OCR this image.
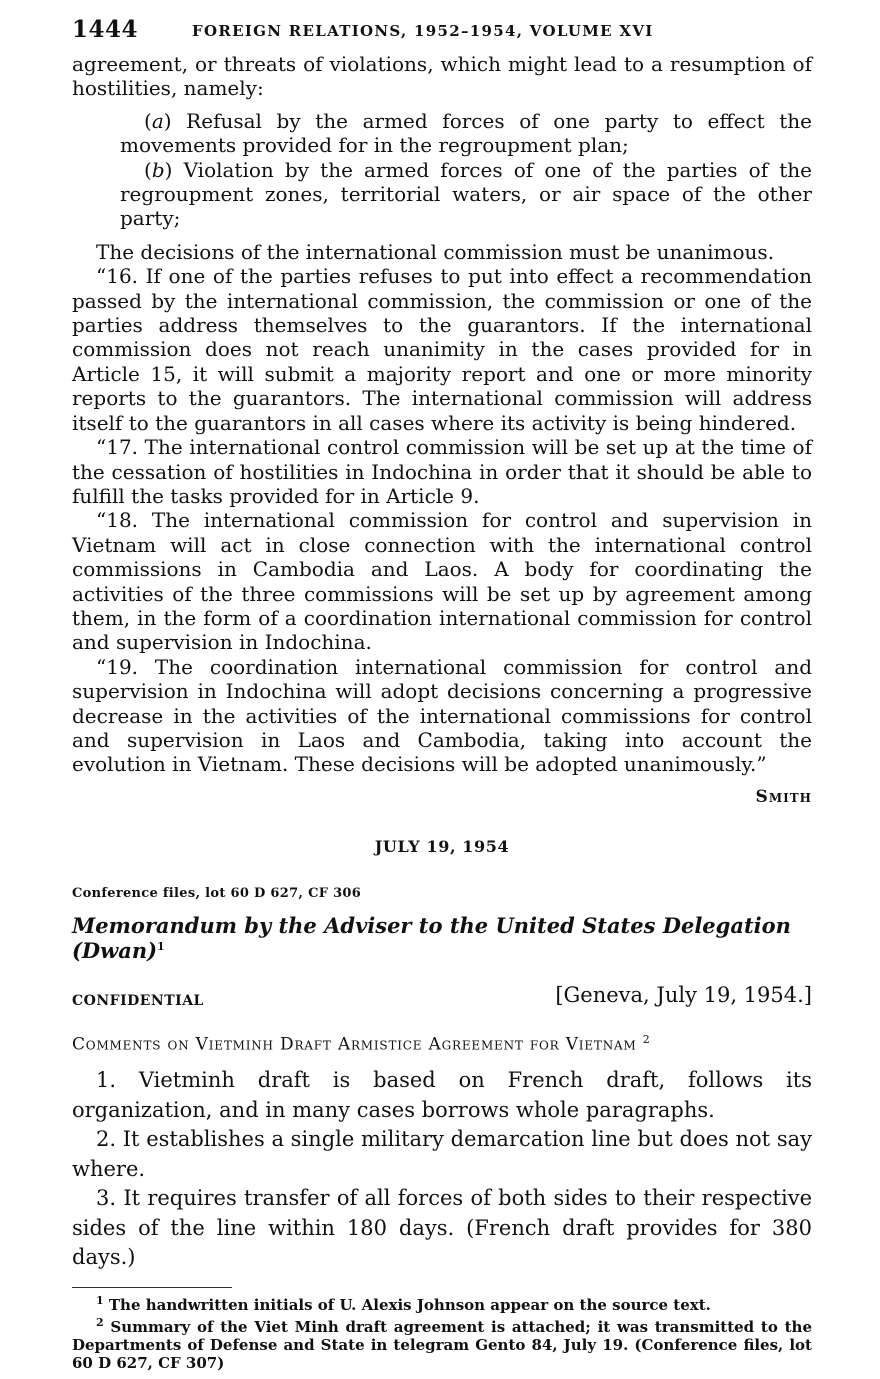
1444	FOREIGN RELATIONS, 1952–1954, VOLUME XVI

agreement, or threats of violations, which might lead to a resumption of hostilities, namely:

(a) Refusal by the armed forces of one party to effect the movements provided for in the regroupment plan;

(b) Violation by the armed forces of one of the parties of the regroupment zones, territorial waters, or air space of the other party;

The decisions of the international commission must be unanimous.

“16. If one of the parties refuses to put into effect a recommendation passed by the international commission, the commission or one of the parties address themselves to the guarantors. If the international commission does not reach unanimity in the cases provided for in Article 15, it will submit a majority report and one or more minority reports to the guarantors. The international commission will address itself to the guarantors in all cases where its activity is being hindered.

“17. The international control commission will be set up at the time of the cessation of hostilities in Indochina in order that it should be able to fulfill the tasks provided for in Article 9.

“18. The international commission for control and supervision in Vietnam will act in close connection with the international control commissions in Cambodia and Laos. A body for coordinating the activities of the three commissions will be set up by agreement among them, in the form of a coordination international commission for control and supervision in Indochina.

“19. The coordination international commission for control and supervision in Indochina will adopt decisions concerning a progressive decrease in the activities of the international commissions for control and supervision in Laos and Cambodia, taking into account the evolution in Vietnam. These decisions will be adopted unanimously.”

Smith
JULY 19, 1954
Conference files, lot 60 D 627, CF 306
Memorandum by the Adviser to the United States Delegation (Dwan)$^1$
CONFIDENTIAL	[Geneva, July 19, 1954.]
Comments on Vietminh Draft Armistice Agreement for Vietnam $^2$

1. Vietminh draft is based on French draft, follows its organization, and in many cases borrows whole paragraphs.

2. It establishes a single military demarcation line but does not say where.

3. It requires transfer of all forces of both sides to their respective sides of the line within 180 days. (French draft provides for 380 days.)

$^1$ The handwritten initials of U. Alexis Johnson appear on the source text.

$^2$ Summary of the Viet Minh draft agreement is attached; it was transmitted to the Departments of Defense and State in telegram Gento 84, July 19. (Conference files, lot 60 D 627, CF 307)
